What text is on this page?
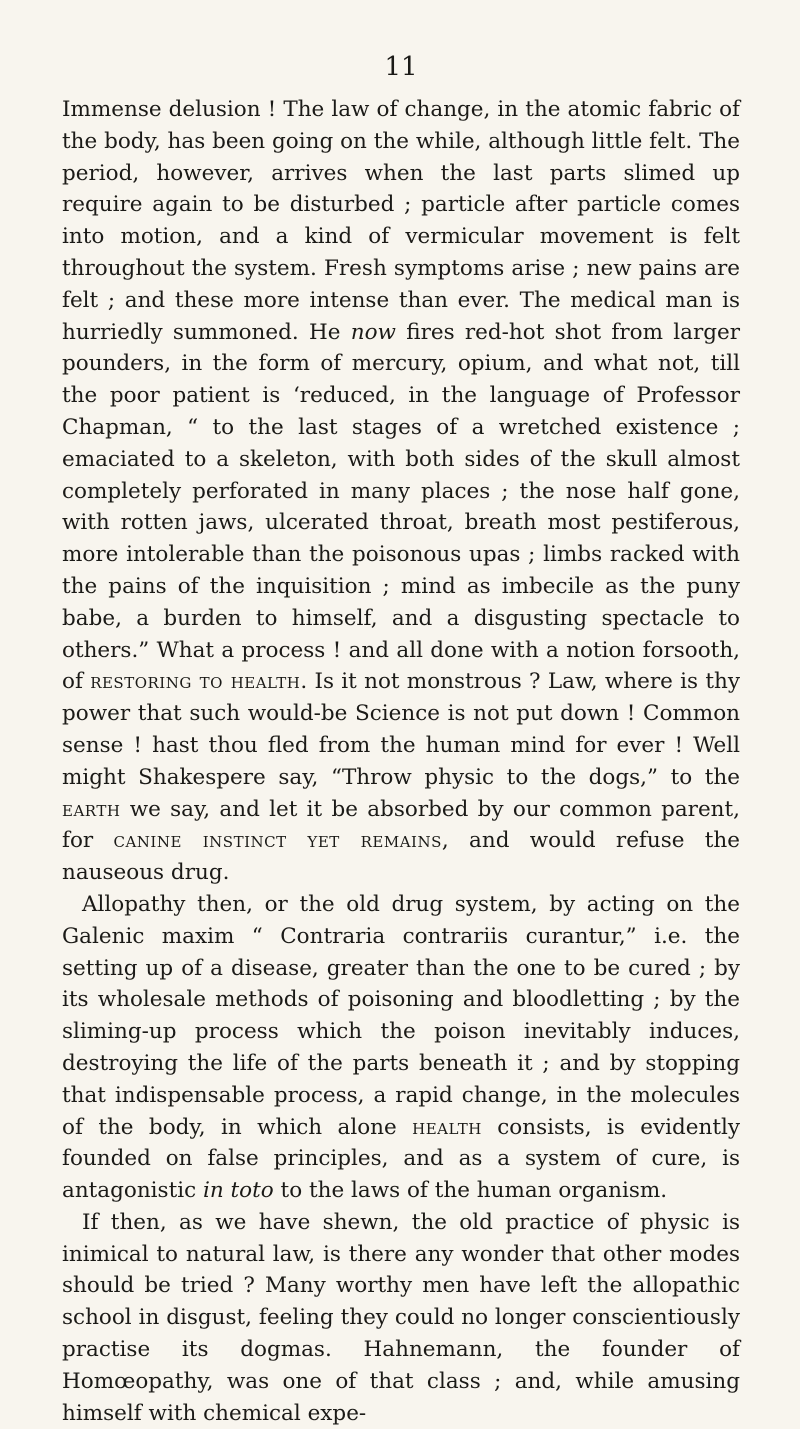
11

Immense delusion ! The law of change, in the atomic fabric of the body, has been going on the while, although little felt. The period, however, arrives when the last parts slimed up require again to be disturbed ; particle after particle comes into motion, and a kind of vermicular movement is felt throughout the system. Fresh symptoms arise ; new pains are felt ; and these more intense than ever. The medical man is hurriedly summoned. He now fires red-hot shot from larger pounders, in the form of mercury, opium, and what not, till the poor patient is ‘reduced, in the language of Professor Chapman, “ to the last stages of a wretched existence ; emaciated to a skeleton, with both sides of the skull almost completely perforated in many places ; the nose half gone, with rotten jaws, ulcerated throat, breath most pestiferous, more intolerable than the poisonous upas ; limbs racked with the pains of the inquisition ; mind as imbecile as the puny babe, a burden to himself, and a disgusting spectacle to others.” What a process ! and all done with a notion forsooth, of restoring to health. Is it not monstrous ? Law, where is thy power that such would-be Science is not put down ! Common sense ! hast thou fled from the human mind for ever ! Well might Shakespere say, “Throw physic to the dogs,” to the earth we say, and let it be absorbed by our common parent, for canine instinct yet remains, and would refuse the nauseous drug.

Allopathy then, or the old drug system, by acting on the Galenic maxim “ Contraria contrariis curantur,” i.e. the setting up of a disease, greater than the one to be cured ; by its wholesale methods of poisoning and bloodletting ; by the sliming-up process which the poison inevitably induces, destroying the life of the parts beneath it ; and by stopping that indispensable process, a rapid change, in the molecules of the body, in which alone health consists, is evidently founded on false principles, and as a system of cure, is antagonistic in toto to the laws of the human organism.

If then, as we have shewn, the old practice of physic is inimical to natural law, is there any wonder that other modes should be tried ? Many worthy men have left the allopathic school in disgust, feeling they could no longer conscientiously practise its dogmas. Hahnemann, the founder of Homœopathy, was one of that class ; and, while amusing himself with chemical expe-
